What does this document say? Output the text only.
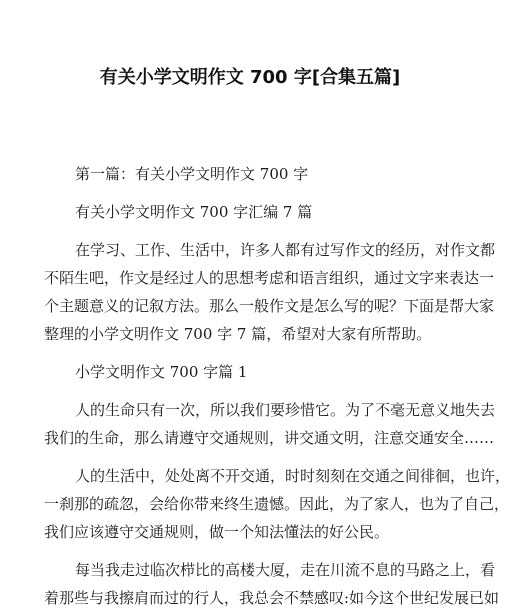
有关小学文明作文 700 字[合集五篇]
第一篇：有关小学文明作文 700 字
有关小学文明作文 700 字汇编 7 篇
在学习、工作、生活中，许多人都有过写作文的经历，对作文都
不陌生吧，作文是经过人的思想考虑和语言组织，通过文字来表达一
个主题意义的记叙方法。那么一般作文是怎么写的呢？下面是帮大家
整理的小学文明作文 700 字 7 篇，希望对大家有所帮助。
小学文明作文 700 字篇 1
人的生命只有一次，所以我们要珍惜它。为了不毫无意义地失去
我们的生命，那么请遵守交通规则，讲交通文明，注意交通安全……
人的生活中，处处离不开交通，时时刻刻在交通之间徘徊，也许，
一刹那的疏忽，会给你带来终生遗憾。因此，为了家人，也为了自己，
我们应该遵守交通规则，做一个知法懂法的好公民。
每当我走过临次栉比的高楼大厦，走在川流不息的马路之上，看
着那些与我擦肩而过的行人，我总会不禁感叹:如今这个世纪发展已如
